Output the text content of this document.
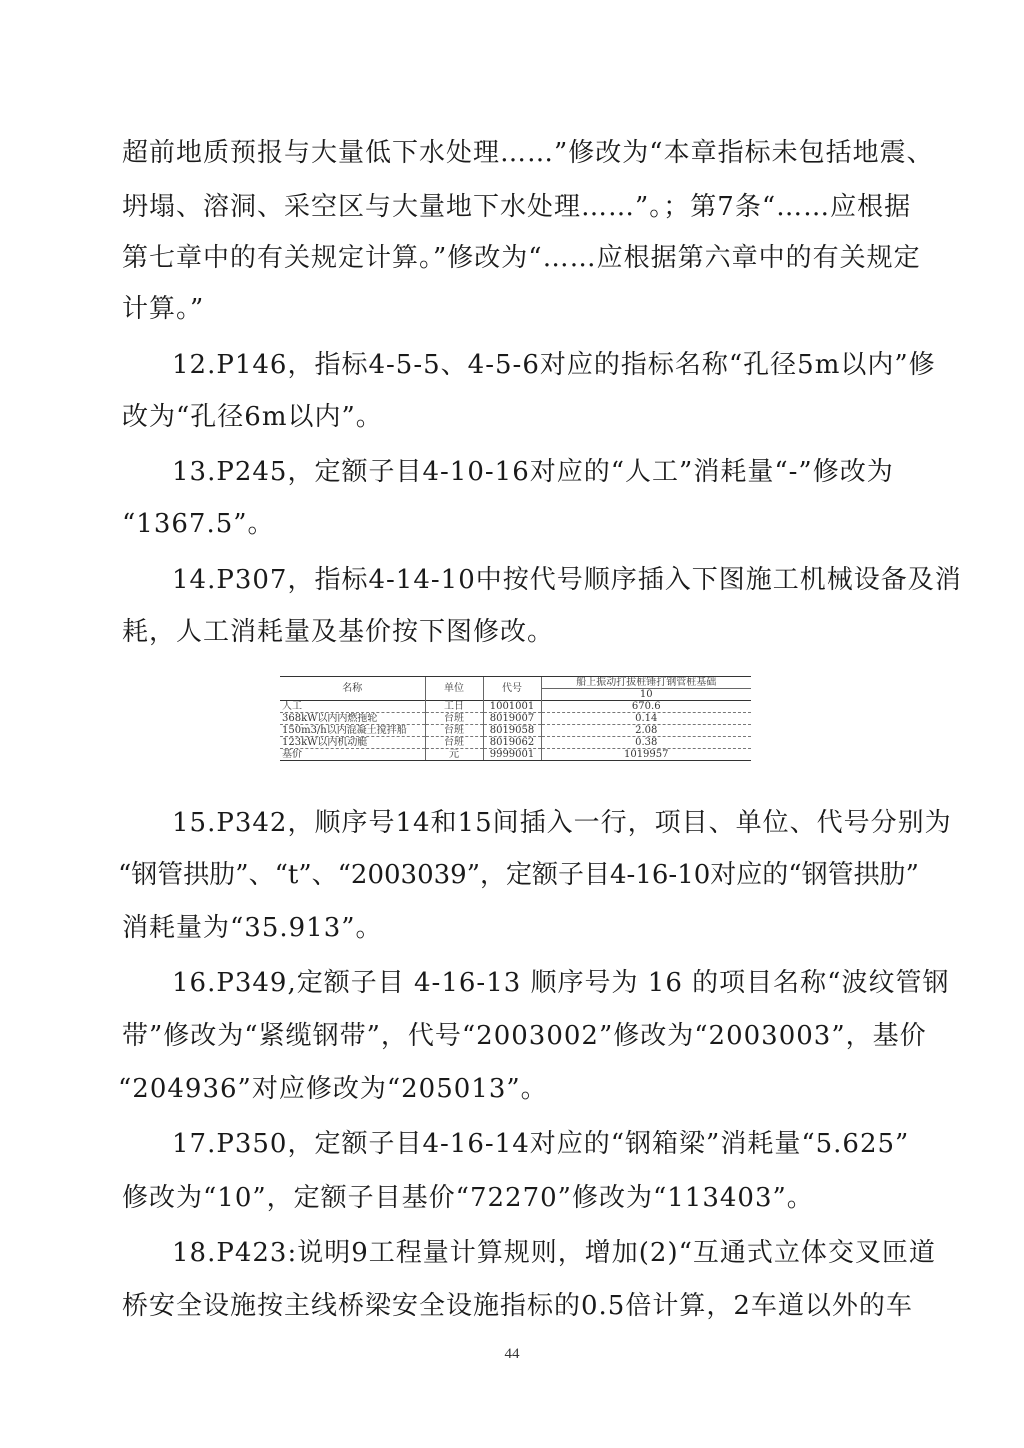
超前地质预报与大量低下水处理……”修改为“本章指标未包括地震、
坍塌、溶洞、采空区与大量地下水处理……”。；第7条“……应根据
第七章中的有关规定计算。”修改为“……应根据第六章中的有关规定
计算。”
12.P146，指标4-5-5、4-5-6对应的指标名称“孔径5m以内”修
改为“孔径6m以内”。
13.P245，定额子目4-10-16对应的“人工”消耗量“-”修改为
“1367.5”。
14.P307，指标4-14-10中按代号顺序插入下图施工机械设备及消
耗，人工消耗量及基价按下图修改。
名称	单位	代号	船上振动打拔桩锤打钢管桩基础
			10
人工	工日	1001001	670.6
368kW以内内燃拖轮	台班	8019007	0.14
150m3/h以内混凝土搅拌船	台班	8019058	2.08
123kW以内机动艇	台班	8019062	0.38
基价	元	9999001	1019957
15.P342，顺序号14和15间插入一行，项目、单位、代号分别为
“钢管拱肋”、“t”、“2003039”，定额子目4-16-10对应的“钢管拱肋”
消耗量为“35.913”。
16.P349,定额子目 4-16-13 顺序号为 16 的项目名称“波纹管钢
带”修改为“紧缆钢带”，代号“2003002”修改为“2003003”，基价
“204936”对应修改为“205013”。
17.P350，定额子目4-16-14对应的“钢箱梁”消耗量“5.625”
修改为“10”，定额子目基价“72270”修改为“113403”。
18.P423:说明9工程量计算规则，增加(2)“互通式立体交叉匝道
桥安全设施按主线桥梁安全设施指标的0.5倍计算，2车道以外的车
44
